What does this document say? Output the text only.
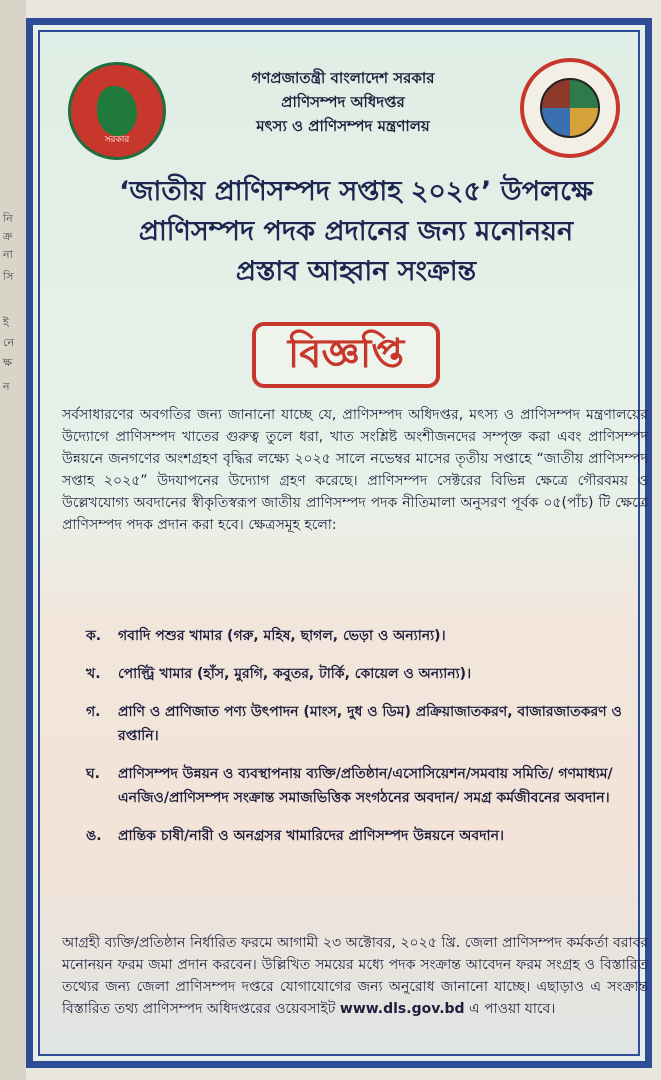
নি
ক্র
না
সি
ই
নে
ক্ষ
ন
সরকার
গণপ্রজাতন্ত্রী বাংলাদেশ সরকার
প্রাণিসম্পদ অধিদপ্তর
মৎস্য ও প্রাণিসম্পদ মন্ত্রণালয়
‘জাতীয় প্রাণিসম্পদ সপ্তাহ ২০২৫’ উপলক্ষে
প্রাণিসম্পদ পদক প্রদানের জন্য মনোনয়ন
প্রস্তাব আহ্বান সংক্রান্ত
বিজ্ঞপ্তি
সর্বসাধারণের অবগতির জন্য জানানো যাচ্ছে যে, প্রাণিসম্পদ অধিদপ্তর, মৎস্য ও প্রাণিসম্পদ মন্ত্রণালয়ের উদ্যোগে প্রাণিসম্পদ খাতের গুরুত্ব তুলে ধরা, খাত সংশ্লিষ্ট অংশীজনদের সম্পৃক্ত করা এবং প্রাণিসম্পদ উন্নয়নে জনগণের অংশগ্রহণ বৃদ্ধির লক্ষ্যে ২০২৫ সালে নভেম্বর মাসের তৃতীয় সপ্তাহে “জাতীয় প্রাণিসম্পদ সপ্তাহ ২০২৫” উদযাপনের উদ্যোগ গ্রহণ করেছে। প্রাণিসম্পদ সেক্টরের বিভিন্ন ক্ষেত্রে গৌরবময় ও উল্লেখযোগ্য অবদানের স্বীকৃতিস্বরূপ জাতীয় প্রাণিসম্পদ পদক নীতিমালা অনুসরণ পূর্বক ০৫(পাঁচ) টি ক্ষেত্রে প্রাণিসম্পদ পদক প্রদান করা হবে। ক্ষেত্রসমূহ হলো:
ক. গবাদি পশুর খামার (গরু, মহিষ, ছাগল, ভেড়া ও অন্যান্য)।
খ. পোল্ট্রি খামার (হাঁস, মুরগি, কবুতর, টার্কি, কোয়েল ও অন্যান্য)।
গ. প্রাণি ও প্রাণিজাত পণ্য উৎপাদন (মাংস, দুধ ও ডিম) প্রক্রিয়াজাতকরণ, বাজারজাতকরণ ও রপ্তানি।
ঘ. প্রাণিসম্পদ উন্নয়ন ও ব্যবস্থাপনায় ব্যক্তি/প্রতিষ্ঠান/এসোসিয়েশন/সমবায় সমিতি/ গণমাধ্যম/এনজিও/প্রাণিসম্পদ সংক্রান্ত সমাজভিত্তিক সংগঠনের অবদান/ সমগ্র কর্মজীবনের অবদান।
ঙ. প্রান্তিক চাষী/নারী ও অনগ্রসর খামারিদের প্রাণিসম্পদ উন্নয়নে অবদান।
আগ্রহী ব্যক্তি/প্রতিষ্ঠান নির্ধারিত ফরমে আগামী ২৩ অক্টোবর, ২০২৫ খ্রি. জেলা প্রাণিসম্পদ কর্মকর্তা বরাবর মনোনয়ন ফরম জমা প্রদান করবেন। উল্লিখিত সময়ের মধ্যে পদক সংক্রান্ত আবেদন ফরম সংগ্রহ ও বিস্তারিত তথ্যের জন্য জেলা প্রাণিসম্পদ দপ্তরে যোগাযোগের জন্য অনুরোধ জানানো যাচ্ছে। এছাড়াও এ সংক্রান্ত বিস্তারিত তথ্য প্রাণিসম্পদ অধিদপ্তরের ওয়েবসাইট www.dls.gov.bd এ পাওয়া যাবে।
